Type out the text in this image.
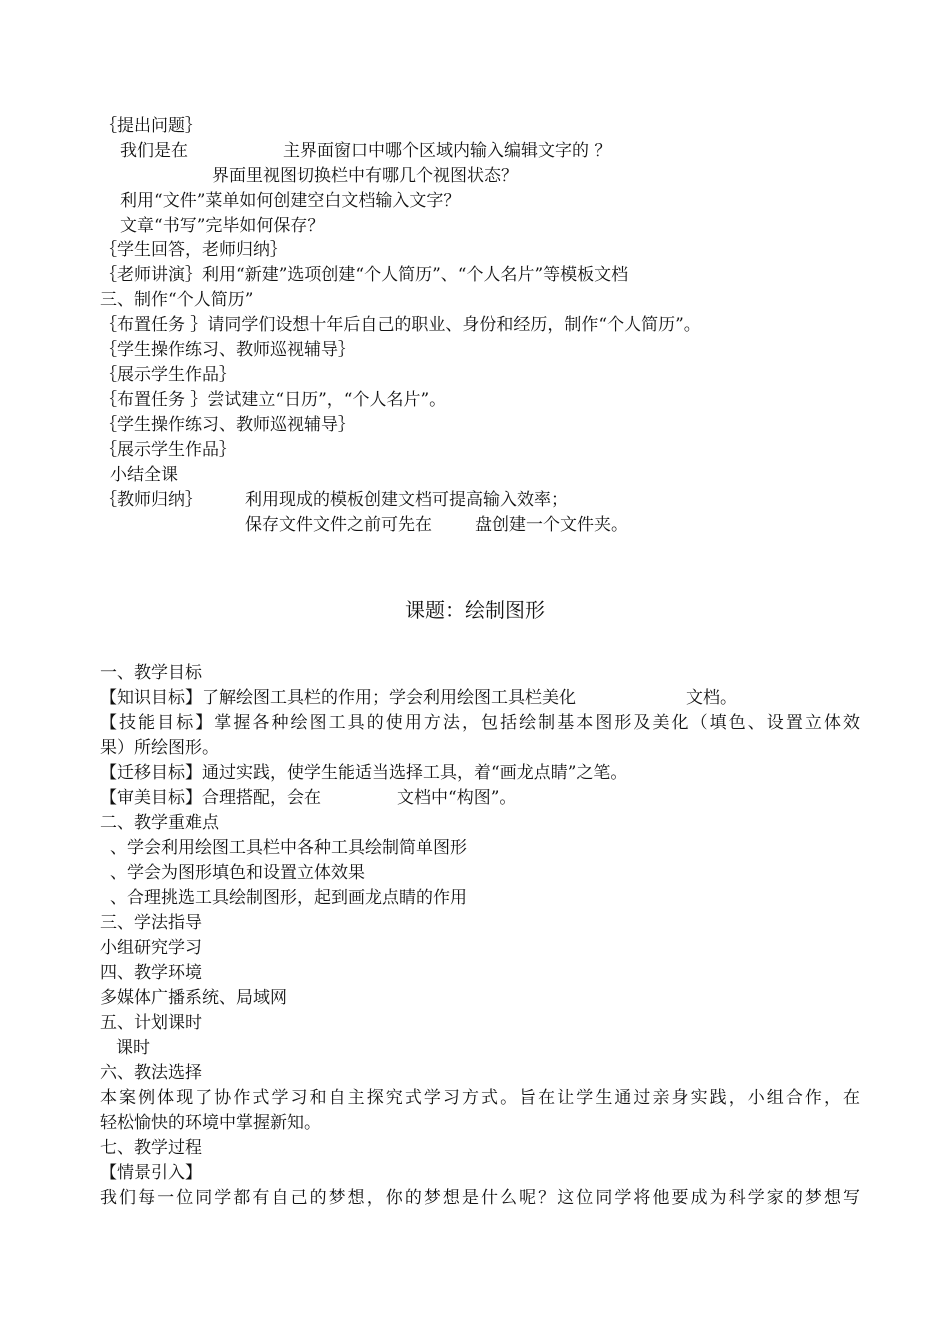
｛提出问题｝
我们是在	主界面窗口中哪个区域内输入编辑文字的 ？
界面里视图切换栏中有哪几个视图状态？
利用“文件”菜单如何创建空白文档输入文字？
文章“书写”完毕如何保存？
｛学生回答，老师归纳｝
｛老师讲演｝利用“新建”选项创建“个人简历”、“个人名片”等模板文档
三、制作“个人简历”
｛布置任务 ｝请同学们设想十年后自己的职业、身份和经历，制作“个人简历”。
｛学生操作练习、教师巡视辅导｝
｛展示学生作品｝
｛布置任务 ｝尝试建立“日历”，“个人名片”。
｛学生操作练习、教师巡视辅导｝
｛展示学生作品｝
小结全课
｛教师归纳｝	利用现成的模板创建文档可提高输入效率；
保存文件文件之前可先在	盘创建一个文件夹。
课题：绘制图形
一、教学目标
【知识目标】了解绘图工具栏的作用；学会利用绘图工具栏美化	文档。
【技能目标】掌握各种绘图工具的使用方法，包括绘制基本图形及美化（填色、设置立体效
果）所绘图形。
【迁移目标】通过实践，使学生能适当选择工具，着“画龙点睛”之笔。
【审美目标】合理搭配，会在	文档中“构图”。
二、教学重难点
、学会利用绘图工具栏中各种工具绘制简单图形
、学会为图形填色和设置立体效果
、合理挑选工具绘制图形，起到画龙点睛的作用
三、学法指导
小组研究学习
四、教学环境
多媒体广播系统、局域网
五、计划课时
课时
六、教法选择
本案例体现了协作式学习和自主探究式学习方式。旨在让学生通过亲身实践，小组合作，在
轻松愉快的环境中掌握新知。
七、教学过程
【情景引入】
我们每一位同学都有自己的梦想，你的梦想是什么呢？这位同学将他要成为科学家的梦想写
